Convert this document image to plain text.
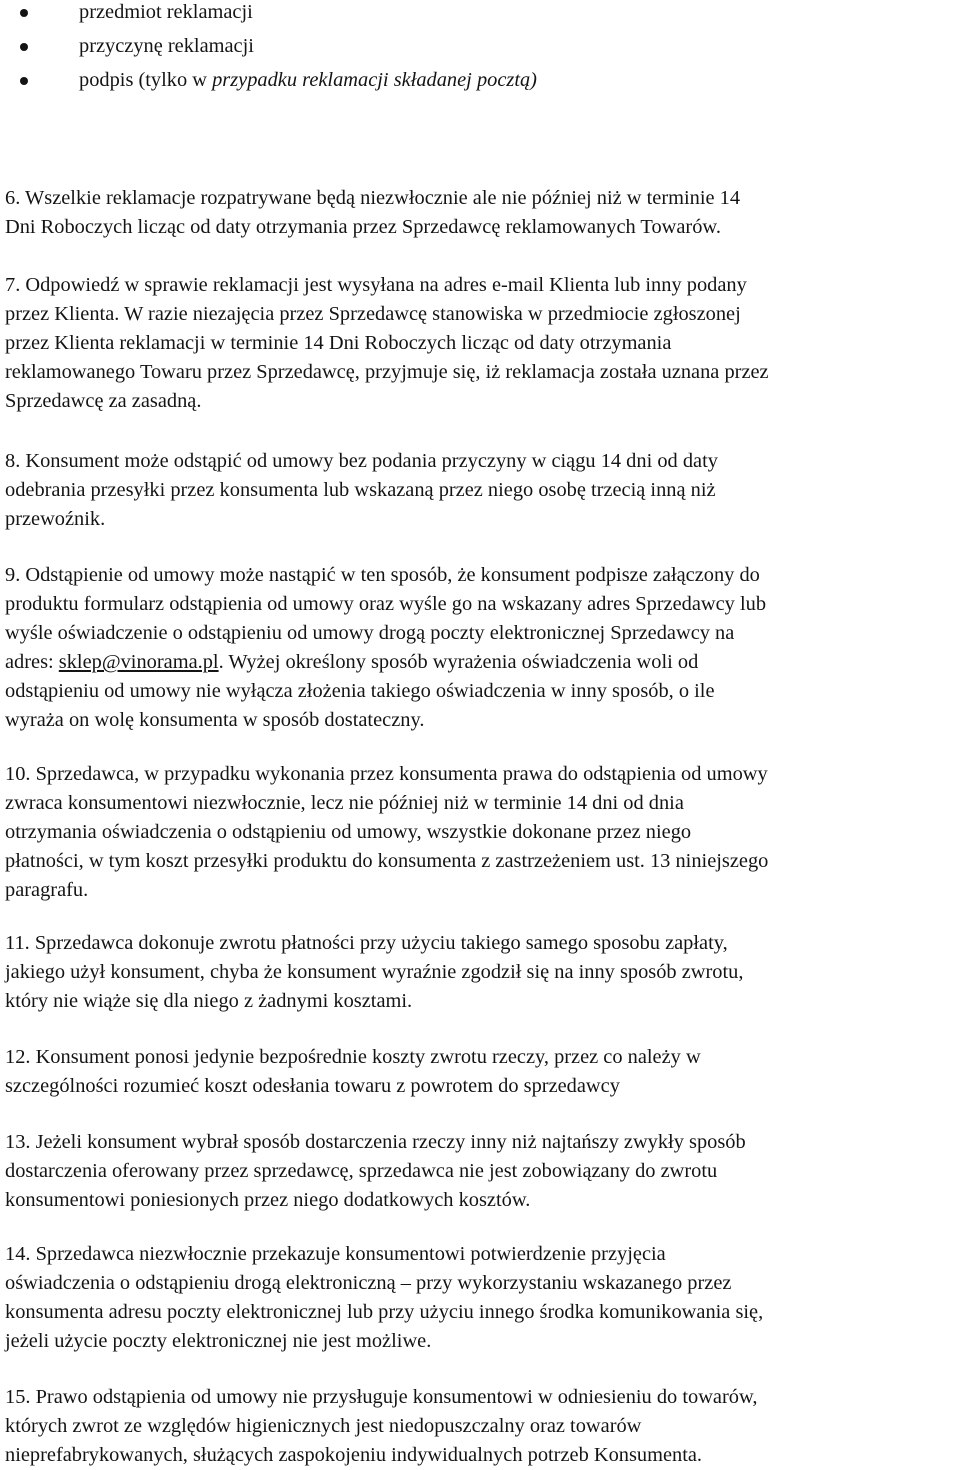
przedmiot reklamacji
przyczynę reklamacji
podpis (tylko w przypadku reklamacji składanej pocztą)

6. Wszelkie reklamacje rozpatrywane będą niezwłocznie ale nie później niż w terminie 14
Dni Roboczych licząc od daty otrzymania przez Sprzedawcę reklamowanych Towarów.

7. Odpowiedź w sprawie reklamacji jest wysyłana na adres e-mail Klienta lub inny podany
przez Klienta. W razie niezajęcia przez Sprzedawcę stanowiska w przedmiocie zgłoszonej
przez Klienta reklamacji w terminie 14 Dni Roboczych licząc od daty otrzymania
reklamowanego Towaru przez Sprzedawcę, przyjmuje się, iż reklamacja została uznana przez
Sprzedawcę za zasadną.

8. Konsument może odstąpić od umowy bez podania przyczyny w ciągu 14 dni od daty
odebrania przesyłki przez konsumenta lub wskazaną przez niego osobę trzecią inną niż
przewoźnik.

9. Odstąpienie od umowy może nastąpić w ten sposób, że konsument podpisze załączony do
produktu formularz odstąpienia od umowy oraz wyśle go na wskazany adres Sprzedawcy lub
wyśle oświadczenie o odstąpieniu od umowy drogą poczty elektronicznej Sprzedawcy na
adres: sklep@vinorama.pl. Wyżej określony sposób wyrażenia oświadczenia woli od
odstąpieniu od umowy nie wyłącza złożenia takiego oświadczenia w inny sposób, o ile
wyraża on wolę konsumenta w sposób dostateczny.

10. Sprzedawca, w przypadku wykonania przez konsumenta prawa do odstąpienia od umowy
zwraca konsumentowi niezwłocznie, lecz nie później niż w terminie 14 dni od dnia
otrzymania oświadczenia o odstąpieniu od umowy, wszystkie dokonane przez niego
płatności, w tym koszt przesyłki produktu do konsumenta z zastrzeżeniem ust. 13 niniejszego
paragrafu.

11. Sprzedawca dokonuje zwrotu płatności przy użyciu takiego samego sposobu zapłaty,
jakiego użył konsument, chyba że konsument wyraźnie zgodził się na inny sposób zwrotu,
który nie wiąże się dla niego z żadnymi kosztami.

12. Konsument ponosi jedynie bezpośrednie koszty zwrotu rzeczy, przez co należy w
szczególności rozumieć koszt odesłania towaru z powrotem do sprzedawcy

13. Jeżeli konsument wybrał sposób dostarczenia rzeczy inny niż najtańszy zwykły sposób
dostarczenia oferowany przez sprzedawcę, sprzedawca nie jest zobowiązany do zwrotu
konsumentowi poniesionych przez niego dodatkowych kosztów.

14. Sprzedawca niezwłocznie przekazuje konsumentowi potwierdzenie przyjęcia
oświadczenia o odstąpieniu drogą elektroniczną – przy wykorzystaniu wskazanego przez
konsumenta adresu poczty elektronicznej lub przy użyciu innego środka komunikowania się,
jeżeli użycie poczty elektronicznej nie jest możliwe.

15. Prawo odstąpienia od umowy nie przysługuje konsumentowi w odniesieniu do towarów,
których zwrot ze względów higienicznych jest niedopuszczalny oraz towarów
nieprefabrykowanych, służących zaspokojeniu indywidualnych potrzeb Konsumenta.
